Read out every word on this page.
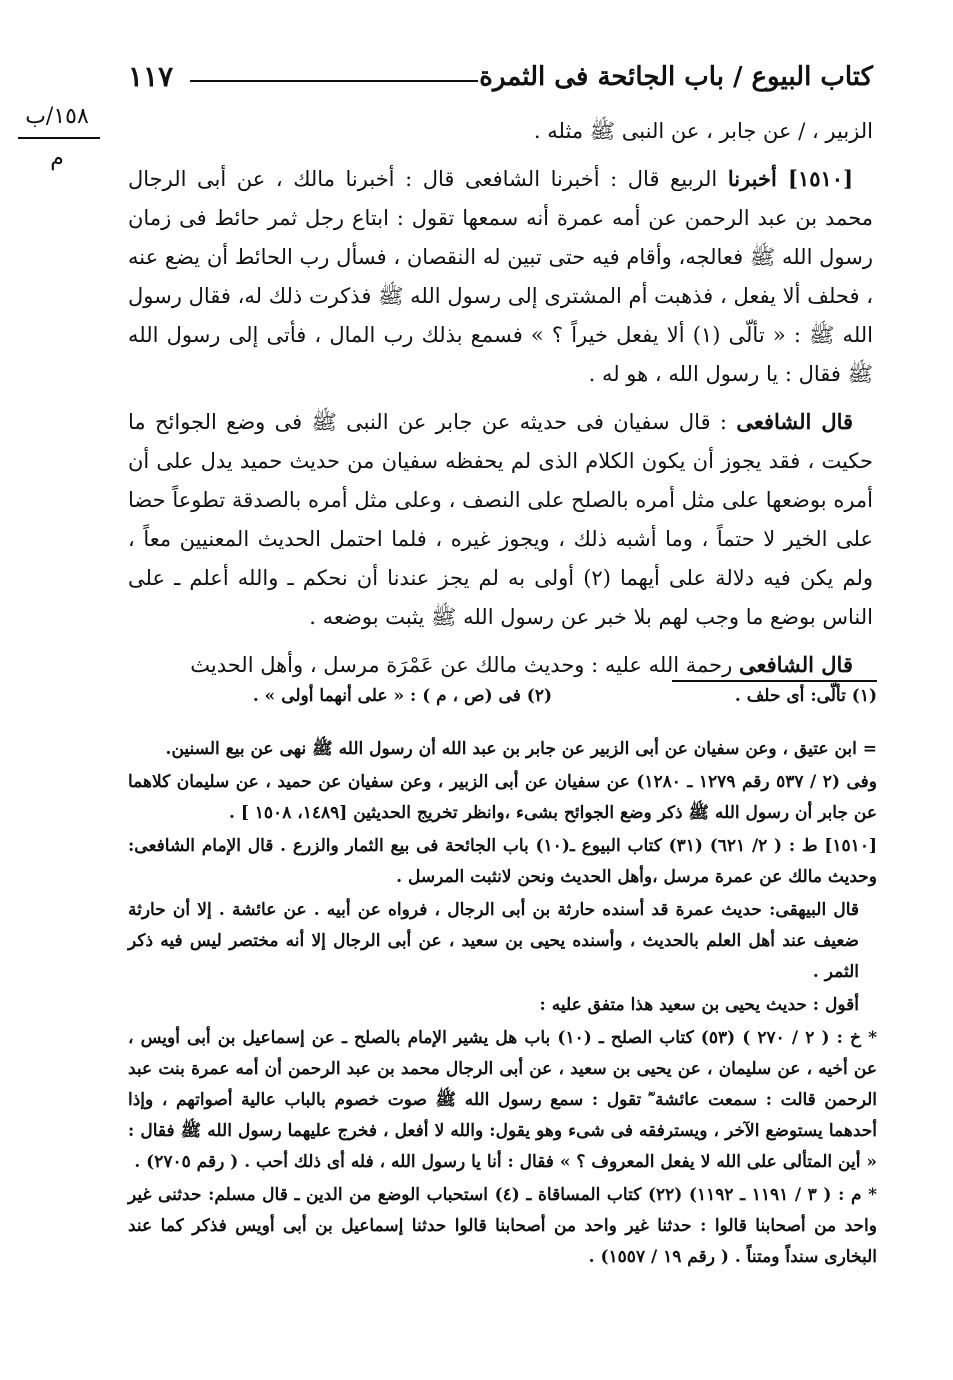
كتاب البيوع / باب الجائحة فى الثمرة
١١٧
١٥٨/ب
م

الزبير ، / عن جابر ، عن النبى ﷺ مثله .

[١٥١٠] أخبرنا الربيع قال : أخبرنا الشافعى قال : أخبرنا مالك ، عن أبى الرجال محمد بن عبد الرحمن عن أمه عمرة أنه سمعها تقول : ابتاع رجل ثمر حائط فى زمان رسول الله ﷺ فعالجه، وأقام فيه حتى تبين له النقصان ، فسأل رب الحائط أن يضع عنه ، فحلف ألا يفعل ، فذهبت أم المشترى إلى رسول الله ﷺ فذكرت ذلك له، فقال رسول الله ﷺ : « تألّى (١) ألا يفعل خيراً ؟ » فسمع بذلك رب المال ، فأتى إلى رسول الله ﷺ فقال : يا رسول الله ، هو له .

قال الشافعى : قال سفيان فى حديثه عن جابر عن النبى ﷺ فى وضع الجوائح ما حكيت ، فقد يجوز أن يكون الكلام الذى لم يحفظه سفيان من حديث حميد يدل على أن أمره بوضعها على مثل أمره بالصلح على النصف ، وعلى مثل أمره بالصدقة تطوعاً حضا على الخير لا حتماً ، وما أشبه ذلك ، ويجوز غيره ، فلما احتمل الحديث المعنيين معاً ، ولم يكن فيه دلالة على أيهما (٢) أولى به لم يجز عندنا أن نحكم ـ والله أعلم ـ على الناس بوضع ما وجب لهم بلا خبر عن رسول الله ﷺ يثبت بوضعه .

قال الشافعى رحمة الله عليه : وحديث مالك عن عَمْرَة مرسل ، وأهل الحديث

(١) تألّى: أى حلف .
(٢) فى (ص ، م ) : « على أنهما أولى » .

= ابن عتيق ، وعن سفيان عن أبى الزبير عن جابر بن عبد الله أن رسول الله ﷺ نهى عن بيع السنين.

وفى (٢ / ٥٣٧ رقم ١٢٧٩ ـ ١٢٨٠) عن سفيان عن أبى الزبير ، وعن سفيان عن حميد ، عن سليمان كلاهما عن جابر أن رسول الله ﷺ ذكر وضع الجوائح بشىء ،وانظر تخريج الحديثين [١٤٨٩، ١٥٠٨ ] .

[١٥١٠] ط : ( ٢/ ٦٢١) (٣١) كتاب البيوع ـ(١٠) باب الجائحة فى بيع الثمار والزرع . قال الإمام الشافعى: وحديث مالك عن عمرة مرسل ،وأهل الحديث ونحن لانثبت المرسل .

قال البيهقى: حديث عمرة قد أسنده حارثة بن أبى الرجال ، فرواه عن أبيه . عن عائشة . إلا أن حارثة ضعيف عند أهل العلم بالحديث ، وأسنده يحيى بن سعيد ، عن أبى الرجال إلا أنه مختصر ليس فيه ذكر الثمر .

أقول : حديث يحيى بن سعيد هذا متفق عليه :

* خ : ( ٢ / ٢٧٠ ) (٥٣) كتاب الصلح ـ (١٠) باب هل يشير الإمام بالصلح ـ عن إسماعيل بن أبى أويس ، عن أخيه ، عن سليمان ، عن يحيى بن سعيد ، عن أبى الرجال محمد بن عبد الرحمن أن أمه عمرة بنت عبد الرحمن قالت : سمعت عائشة ؓ تقول : سمع رسول الله ﷺ صوت خصوم بالباب عالية أصواتهم ، وإذا أحدهما يستوضع الآخر ، ويسترفقه فى شىء وهو يقول: والله لا أفعل ، فخرج عليهما رسول الله ﷺ فقال : « أين المتألى على الله لا يفعل المعروف ؟ » فقال : أنا يا رسول الله ، فله أى ذلك أحب . ( رقم ٢٧٠٥) .

* م : ( ٣ / ١١٩١ ـ ١١٩٢) (٢٢) كتاب المساقاة ـ (٤) استحباب الوضع من الدين ـ قال مسلم: حدثنى غير واحد من أصحابنا قالوا : حدثنا غير واحد من أصحابنا قالوا حدثنا إسماعيل بن أبى أويس فذكر كما عند البخارى سنداً ومتناً . ( رقم ١٩ / ١٥٥٧) .
